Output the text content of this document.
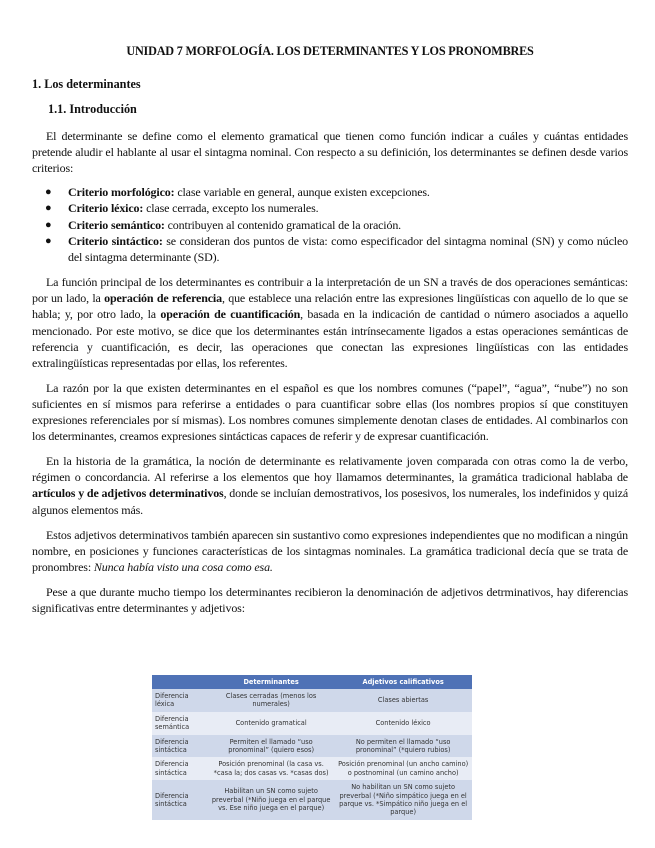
UNIDAD 7 MORFOLOGÍA. LOS DETERMINANTES Y LOS PRONOMBRES
1. Los determinantes
1.1. Introducción

El determinante se define como el elemento gramatical que tienen como función indicar a cuáles y cuántas entidades pretende aludir el hablante al usar el sintagma nominal. Con respecto a su definición, los determinantes se definen desde varios criterios:

● Criterio morfológico: clase variable en general, aunque existen excepciones.
● Criterio léxico: clase cerrada, excepto los numerales.
● Criterio semántico: contribuyen al contenido gramatical de la oración.
● Criterio sintáctico: se consideran dos puntos de vista: como especificador del sintagma nominal (SN) y como núcleo del sintagma determinante (SD).

La función principal de los determinantes es contribuir a la interpretación de un SN a través de dos operaciones semánticas: por un lado, la operación de referencia, que establece una relación entre las expresiones lingüísticas con aquello de lo que se habla; y, por otro lado, la operación de cuantificación, basada en la indicación de cantidad o número asociados a aquello mencionado. Por este motivo, se dice que los determinantes están intrínsecamente ligados a estas operaciones semánticas de referencia y cuantificación, es decir, las operaciones que conectan las expresiones lingüísticas con las entidades extralingüísticas representadas por ellas, los referentes.

La razón por la que existen determinantes en el español es que los nombres comunes (“papel”, “agua”, “nube”) no son suficientes en sí mismos para referirse a entidades o para cuantificar sobre ellas (los nombres propios sí que constituyen expresiones referenciales por sí mismas). Los nombres comunes simplemente denotan clases de entidades. Al combinarlos con los determinantes, creamos expresiones sintácticas capaces de referir y de expresar cuantificación.

En la historia de la gramática, la noción de determinante es relativamente joven comparada con otras como la de verbo, régimen o concordancia. Al referirse a los elementos que hoy llamamos determinantes, la gramática tradicional hablaba de artículos y de adjetivos determinativos, donde se incluían demostrativos, los posesivos, los numerales, los indefinidos y quizá algunos elementos más.

Estos adjetivos determinativos también aparecen sin sustantivo como expresiones independientes que no modifican a ningún nombre, en posiciones y funciones características de los sintagmas nominales. La gramática tradicional decía que se trata de pronombres: Nunca había visto una cosa como esa.

Pese a que durante mucho tiempo los determinantes recibieron la denominación de adjetivos detrminativos, hay diferencias significativas entre determinantes y adjetivos:

	Determinantes	Adjetivos calificativos
Diferencia léxica	Clases cerradas (menos los numerales)	Clases abiertas
Diferencia semántica	Contenido gramatical	Contenido léxico
Diferencia sintáctica	Permiten el llamado “uso pronominal” (quiero esos)	No permiten el llamado “uso pronominal” (*quiero rubios)
Diferencia sintáctica	Posición prenominal (la casa vs. *casa la; dos casas vs. *casas dos)	Posición prenominal (un ancho camino) o postnominal (un camino ancho)
Diferencia sintáctica	Habilitan un SN como sujeto preverbal (*Niño juega en el parque vs. Ese niño juega en el parque)	No habilitan un SN como sujeto preverbal (*Niño simpático juega en el parque vs. *Simpático niño juega en el parque)
